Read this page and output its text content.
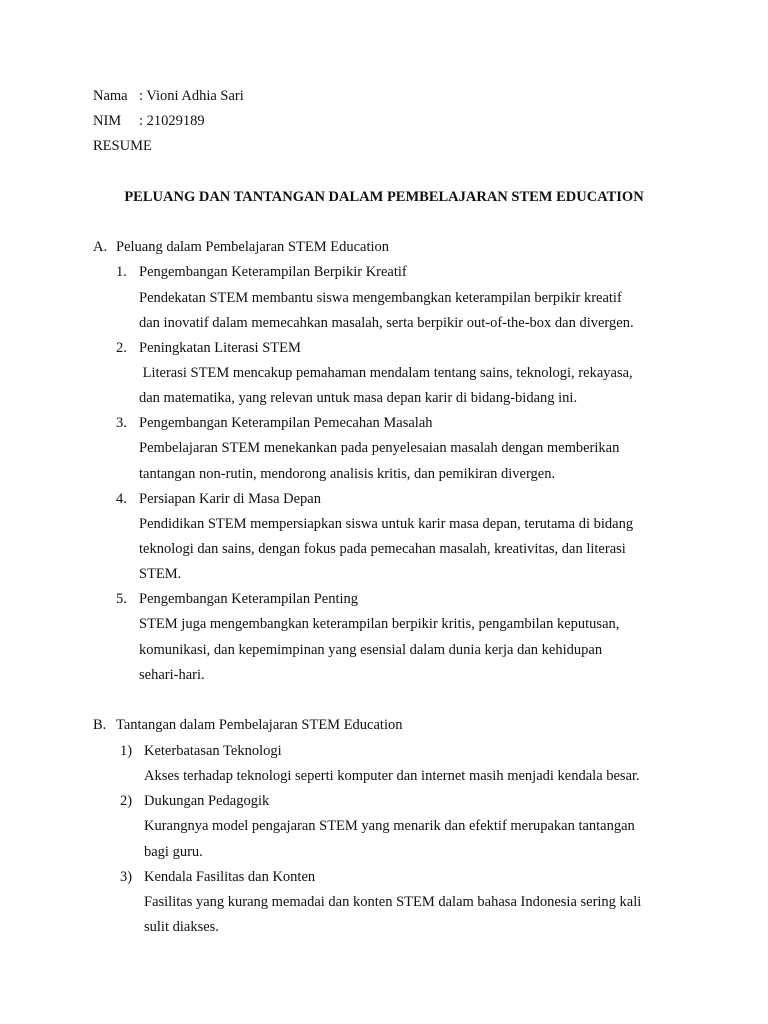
Nama : Vioni Adhia Sari
NIM : 21029189
RESUME
PELUANG DAN TANTANGAN DALAM PEMBELAJARAN STEM EDUCATION
A. Peluang dalam Pembelajaran STEM Education
1. Pengembangan Keterampilan Berpikir Kreatif
Pendekatan STEM membantu siswa mengembangkan keterampilan berpikir kreatif
dan inovatif dalam memecahkan masalah, serta berpikir out-of-the-box dan divergen.
2. Peningkatan Literasi STEM
Literasi STEM mencakup pemahaman mendalam tentang sains, teknologi, rekayasa,
dan matematika, yang relevan untuk masa depan karir di bidang-bidang ini.
3. Pengembangan Keterampilan Pemecahan Masalah
Pembelajaran STEM menekankan pada penyelesaian masalah dengan memberikan
tantangan non-rutin, mendorong analisis kritis, dan pemikiran divergen.
4. Persiapan Karir di Masa Depan
Pendidikan STEM mempersiapkan siswa untuk karir masa depan, terutama di bidang
teknologi dan sains, dengan fokus pada pemecahan masalah, kreativitas, dan literasi
STEM.
5. Pengembangan Keterampilan Penting
STEM juga mengembangkan keterampilan berpikir kritis, pengambilan keputusan,
komunikasi, dan kepemimpinan yang esensial dalam dunia kerja dan kehidupan
sehari-hari.
B. Tantangan dalam Pembelajaran STEM Education
1) Keterbatasan Teknologi
Akses terhadap teknologi seperti komputer dan internet masih menjadi kendala besar.
2) Dukungan Pedagogik
Kurangnya model pengajaran STEM yang menarik dan efektif merupakan tantangan
bagi guru.
3) Kendala Fasilitas dan Konten
Fasilitas yang kurang memadai dan konten STEM dalam bahasa Indonesia sering kali
sulit diakses.
